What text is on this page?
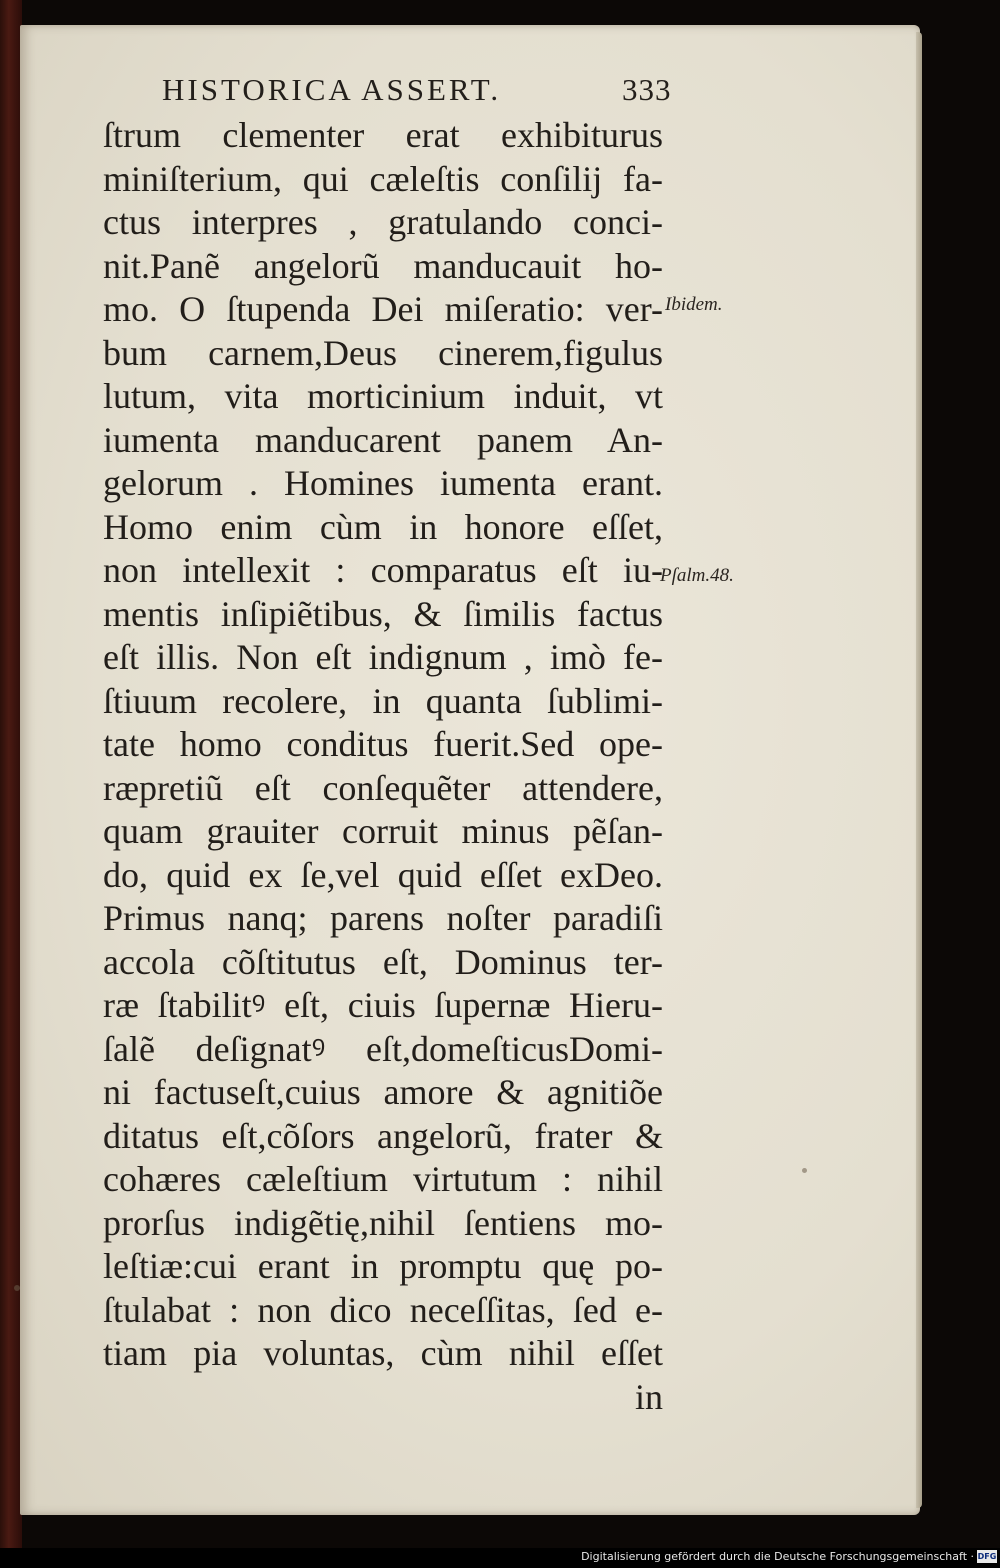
HISTORICA ASSERT.	333
ſtrum clementer erat exhibiturus
miniſterium, qui cæleſtis conſilij fa-
ctus interpres , gratulando conci-
nit.Panẽ angelorũ manducauit ho-
mo. O ſtupenda Dei miſeratio: ver-
bum carnem,Deus cinerem,figulus
lutum, vita morticinium induit, vt
iumenta manducarent panem An-
gelorum . Homines iumenta erant.
Homo enim cùm in honore eſſet,
non intellexit : comparatus eſt iu-
mentis inſipiẽtibus, & ſimilis factus
eſt illis. Non eſt indignum , imò fe-
ſtiuum recolere, in quanta ſublimi-
tate homo conditus fuerit.Sed ope-
ræpretiũ eſt conſequẽter attendere,
quam grauiter corruit minus pẽſan-
do, quid ex ſe,vel quid eſſet exDeo.
Primus nanq; parens noſter paradiſi
accola cõſtitutus eſt, Dominus ter-
ræ ſtabilitꝰ eſt, ciuis ſupernæ Hieru-
ſalẽ deſignatꝰ eſt,domeſticusDomi-
ni factuseſt,cuius amore & agnitiõe
ditatus eſt,cõſors angelorũ, frater &
cohæres cæleſtium virtutum : nihil
prorſus indigẽtię,nihil ſentiens mo-
leſtiæ:cui erant in promptu quę po-
ſtulabat : non dico neceſſitas, ſed e-
tiam pia voluntas, cùm nihil eſſet
in
Ibidem.
Pſalm.48.
Digitalisierung gefördert durch die Deutsche Forschungsgemeinschaft · DFG
